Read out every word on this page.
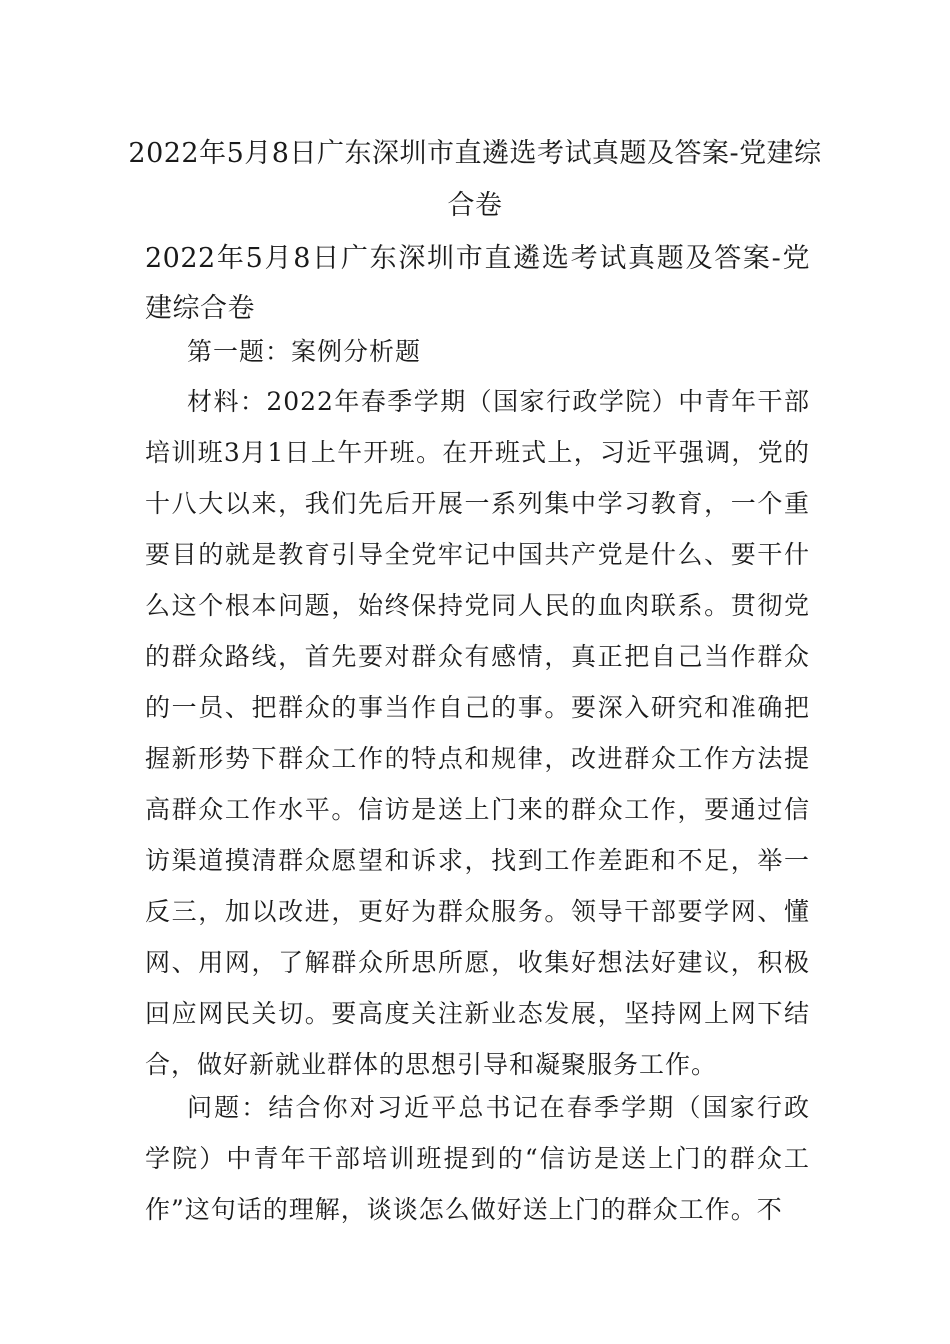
2022年5月8日广东深圳市直遴选考试真题及答案-党建综合卷
2022年5月8日广东深圳市直遴选考试真题及答案-党建综合卷
第一题：案例分析题
材料：2022年春季学期（国家行政学院）中青年干部培训班3月1日上午开班。在开班式上，习近平强调，党的十八大以来，我们先后开展一系列集中学习教育，一个重要目的就是教育引导全党牢记中国共产党是什么、要干什么这个根本问题，始终保持党同人民的血肉联系。贯彻党的群众路线，首先要对群众有感情，真正把自己当作群众的一员、把群众的事当作自己的事。要深入研究和准确把握新形势下群众工作的特点和规律，改进群众工作方法提高群众工作水平。信访是送上门来的群众工作，要通过信访渠道摸清群众愿望和诉求，找到工作差距和不足，举一反三，加以改进，更好为群众服务。领导干部要学网、懂网、用网，了解群众所思所愿，收集好想法好建议，积极回应网民关切。要高度关注新业态发展，坚持网上网下结合，做好新就业群体的思想引导和凝聚服务工作。
问题：结合你对习近平总书记在春季学期（国家行政学院）中青年干部培训班提到的“信访是送上门的群众工作”这句话的理解，谈谈怎么做好送上门的群众工作。不
